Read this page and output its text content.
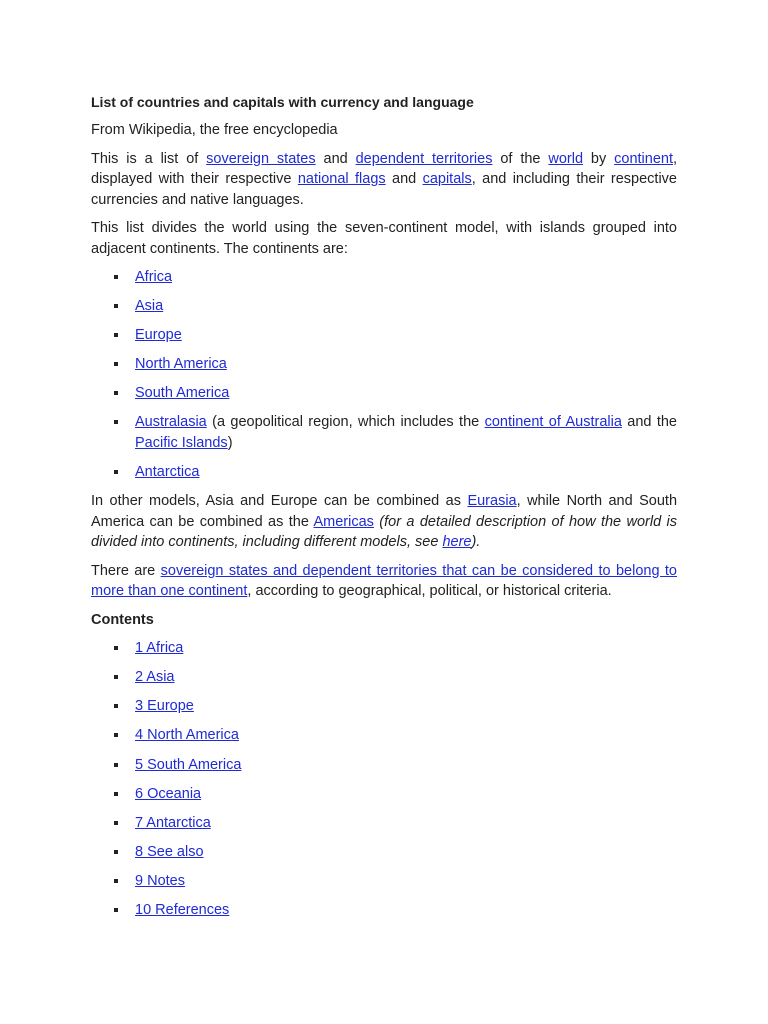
List of countries and capitals with currency and language
From Wikipedia, the free encyclopedia

This is a list of sovereign states and dependent territories of the world by continent, displayed with their respective national flags and capitals, and including their respective currencies and native languages.

This list divides the world using the seven-continent model, with islands grouped into adjacent continents. The continents are:

Africa
Asia
Europe
North America
South America
Australasia (a geopolitical region, which includes the continent of Australia and the Pacific Islands)
Antarctica

In other models, Asia and Europe can be combined as Eurasia, while North and South America can be combined as the Americas (for a detailed description of how the world is divided into continents, including different models, see here).

There are sovereign states and dependent territories that can be considered to belong to more than one continent, according to geographical, political, or historical criteria.

Contents
1 Africa
2 Asia
3 Europe
4 North America
5 South America
6 Oceania
7 Antarctica
8 See also
9 Notes
10 References
